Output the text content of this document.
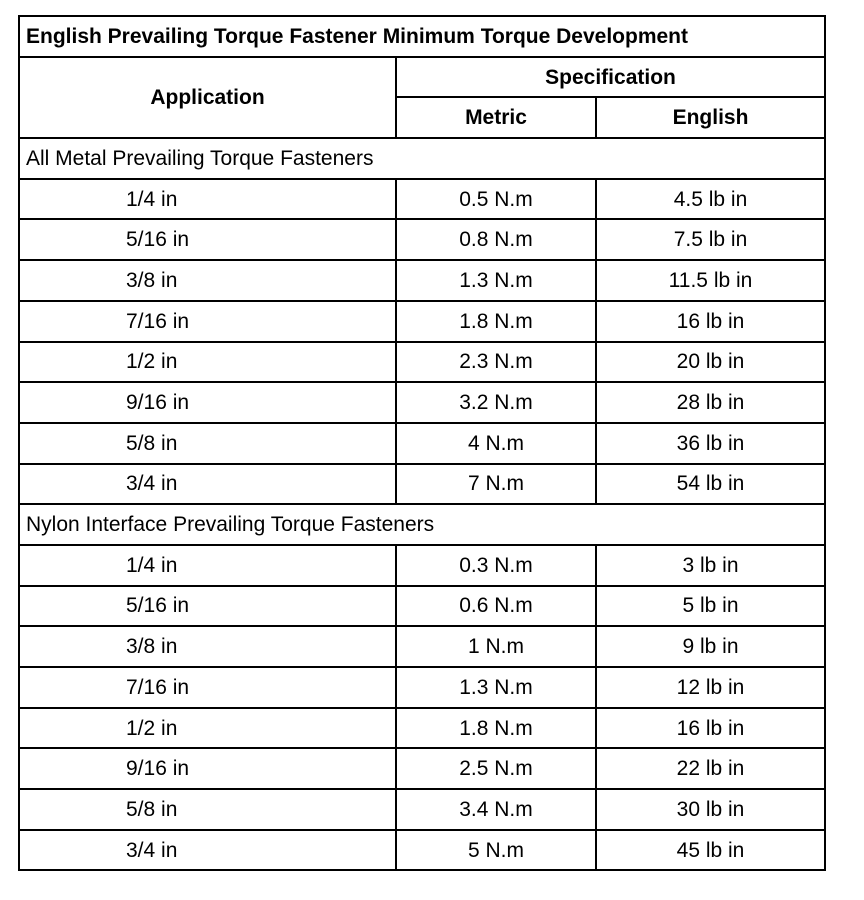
English Prevailing Torque Fastener Minimum Torque Development		
Application	Specification	
	Metric	English
All Metal Prevailing Torque Fasteners		
1/4 in	0.5 N.m	4.5 lb in
5/16 in	0.8 N.m	7.5 lb in
3/8 in	1.3 N.m	11.5 lb in
7/16 in	1.8 N.m	16 lb in
1/2 in	2.3 N.m	20 lb in
9/16 in	3.2 N.m	28 lb in
5/8 in	4 N.m	36 lb in
3/4 in	7 N.m	54 lb in
Nylon Interface Prevailing Torque Fasteners		
1/4 in	0.3 N.m	3 lb in
5/16 in	0.6 N.m	5 lb in
3/8 in	1 N.m	9 lb in
7/16 in	1.3 N.m	12 lb in
1/2 in	1.8 N.m	16 lb in
9/16 in	2.5 N.m	22 lb in
5/8 in	3.4 N.m	30 lb in
3/4 in	5 N.m	45 lb in
